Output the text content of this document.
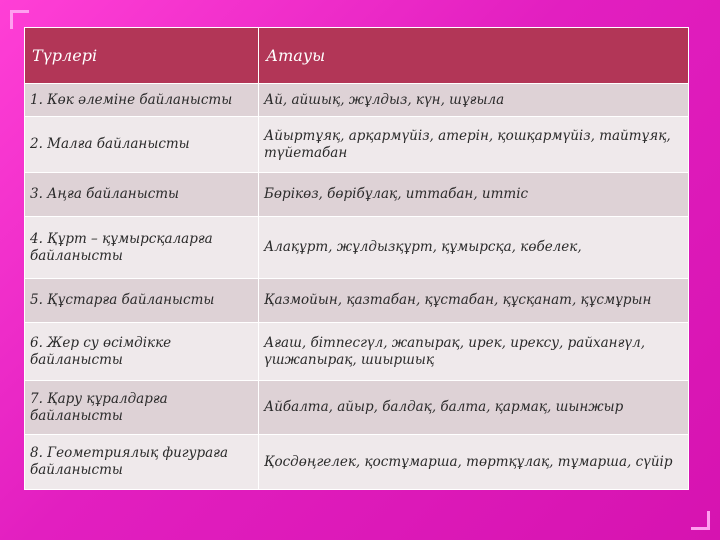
Түрлері	Атауы
1. Көк әлеміне байланысты	Ай, айшық, жұлдыз, күн, шұғыла
2. Малға байланысты	Айыртұяқ, арқармүйіз, атерін, қошқармүйіз, тайтұяқ, түйетабан
3. Аңға байланысты	Бөрікөз, бөрібұлақ, иттабан, иттіс
4. Құрт – құмырсқаларға байланысты	Алақұрт, жұлдызқұрт, құмырсқа, көбелек,
5. Құстарға байланысты	Қазмойын, қазтабан, құстабан, құсқанат, құсмұрын
6. Жер су өсімдікке байланысты	Ағаш, бітпесгүл, жапырақ, ирек, ирексу, райханғүл, үшжапырақ, шиыршық
7. Қару құралдарға байланысты	Айбалта, айыр, балдақ, балта, қармақ, шынжыр
8. Геометриялық фигураға байланысты	Қосдөңгелек, қостұмарша, төртқұлақ, тұмарша, сүйір
